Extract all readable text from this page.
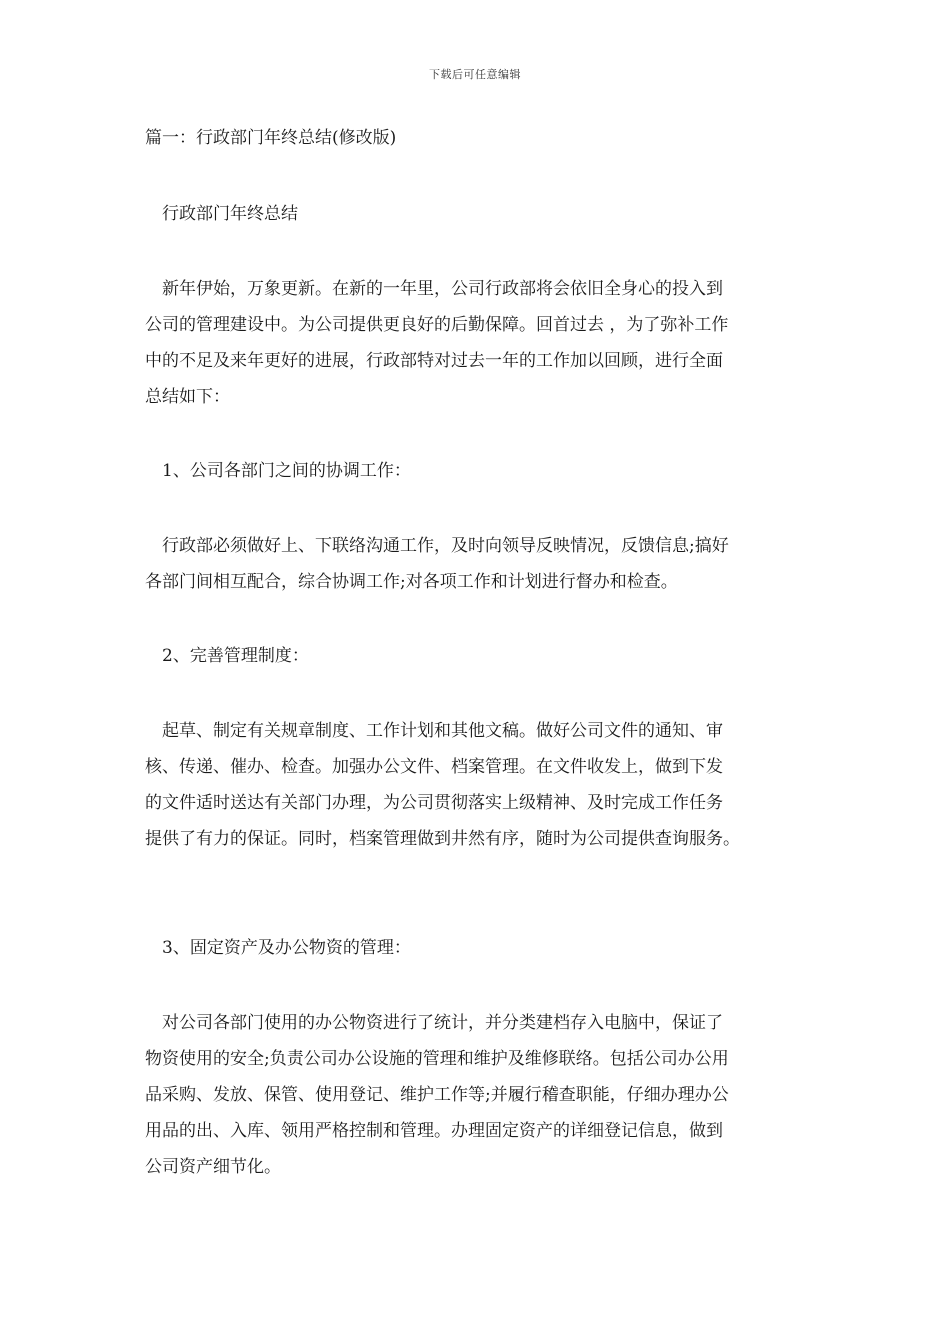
下载后可任意编辑
篇一：行政部门年终总结(修改版)
行政部门年终总结
新年伊始，万象更新。在新的一年里，公司行政部将会依旧全身心的投入到
公司的管理建设中。为公司提供更良好的后勤保障。回首过去 ，为了弥补工作
中的不足及来年更好的进展，行政部特对过去一年的工作加以回顾，进行全面
总结如下：
1、公司各部门之间的协调工作：
行政部必须做好上、下联络沟通工作，及时向领导反映情况，反馈信息;搞好
各部门间相互配合，综合协调工作;对各项工作和计划进行督办和检查。
2、完善管理制度：
起草、制定有关规章制度、工作计划和其他文稿。做好公司文件的通知、审
核、传递、催办、检查。加强办公文件、档案管理。在文件收发上，做到下发
的文件适时送达有关部门办理，为公司贯彻落实上级精神、及时完成工作任务
提供了有力的保证。同时，档案管理做到井然有序，随时为公司提供查询服务。
3、固定资产及办公物资的管理：
对公司各部门使用的办公物资进行了统计，并分类建档存入电脑中，保证了
物资使用的安全;负责公司办公设施的管理和维护及维修联络。包括公司办公用
品采购、发放、保管、使用登记、维护工作等;并履行稽查职能，仔细办理办公
用品的出、入库、领用严格控制和管理。办理固定资产的详细登记信息，做到
公司资产细节化。
